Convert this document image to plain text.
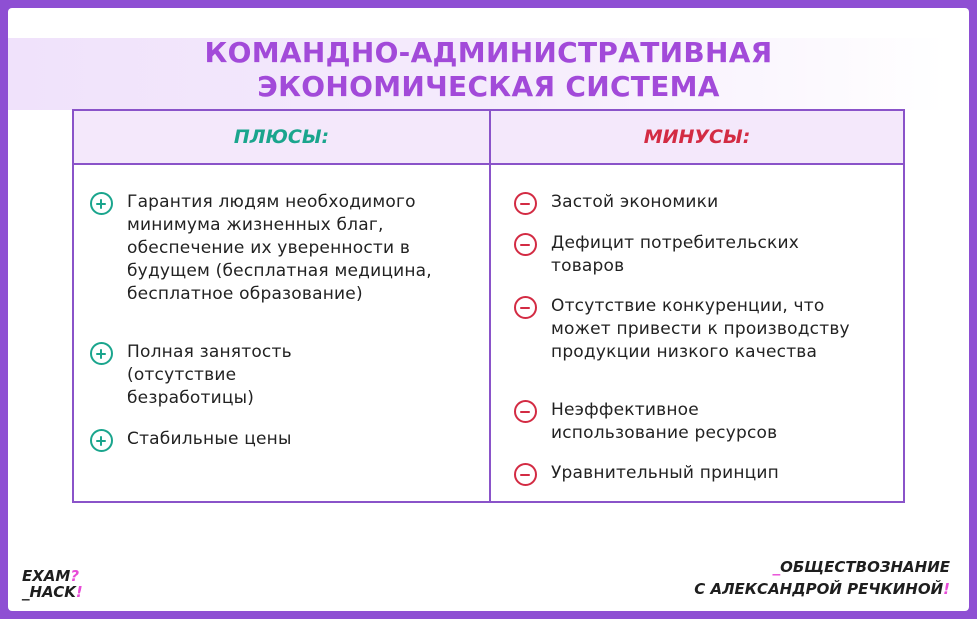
КОМАНДНО-АДМИНИСТРАТИВНАЯ
ЭКОНОМИЧЕСКАЯ СИСТЕМА
ПЛЮСЫ:	МИНУСЫ:
Гарантия людям необходимого минимума жизненных благ, обеспечение их уверенности в будущем (бесплатная медицина, бесплатное образование)
Полная занятость (отсутствие безработицы)
Стабильные цены
Застой экономики
Дефицит потребительских товаров
Отсутствие конкуренции, что может привести к производству продукции низкого качества
Неэффективное использование ресурсов
Уравнительный принцип
EXAM?
_HACK!
_ОБЩЕСТВОЗНАНИЕ
С АЛЕКСАНДРОЙ РЕЧКИНОЙ!
